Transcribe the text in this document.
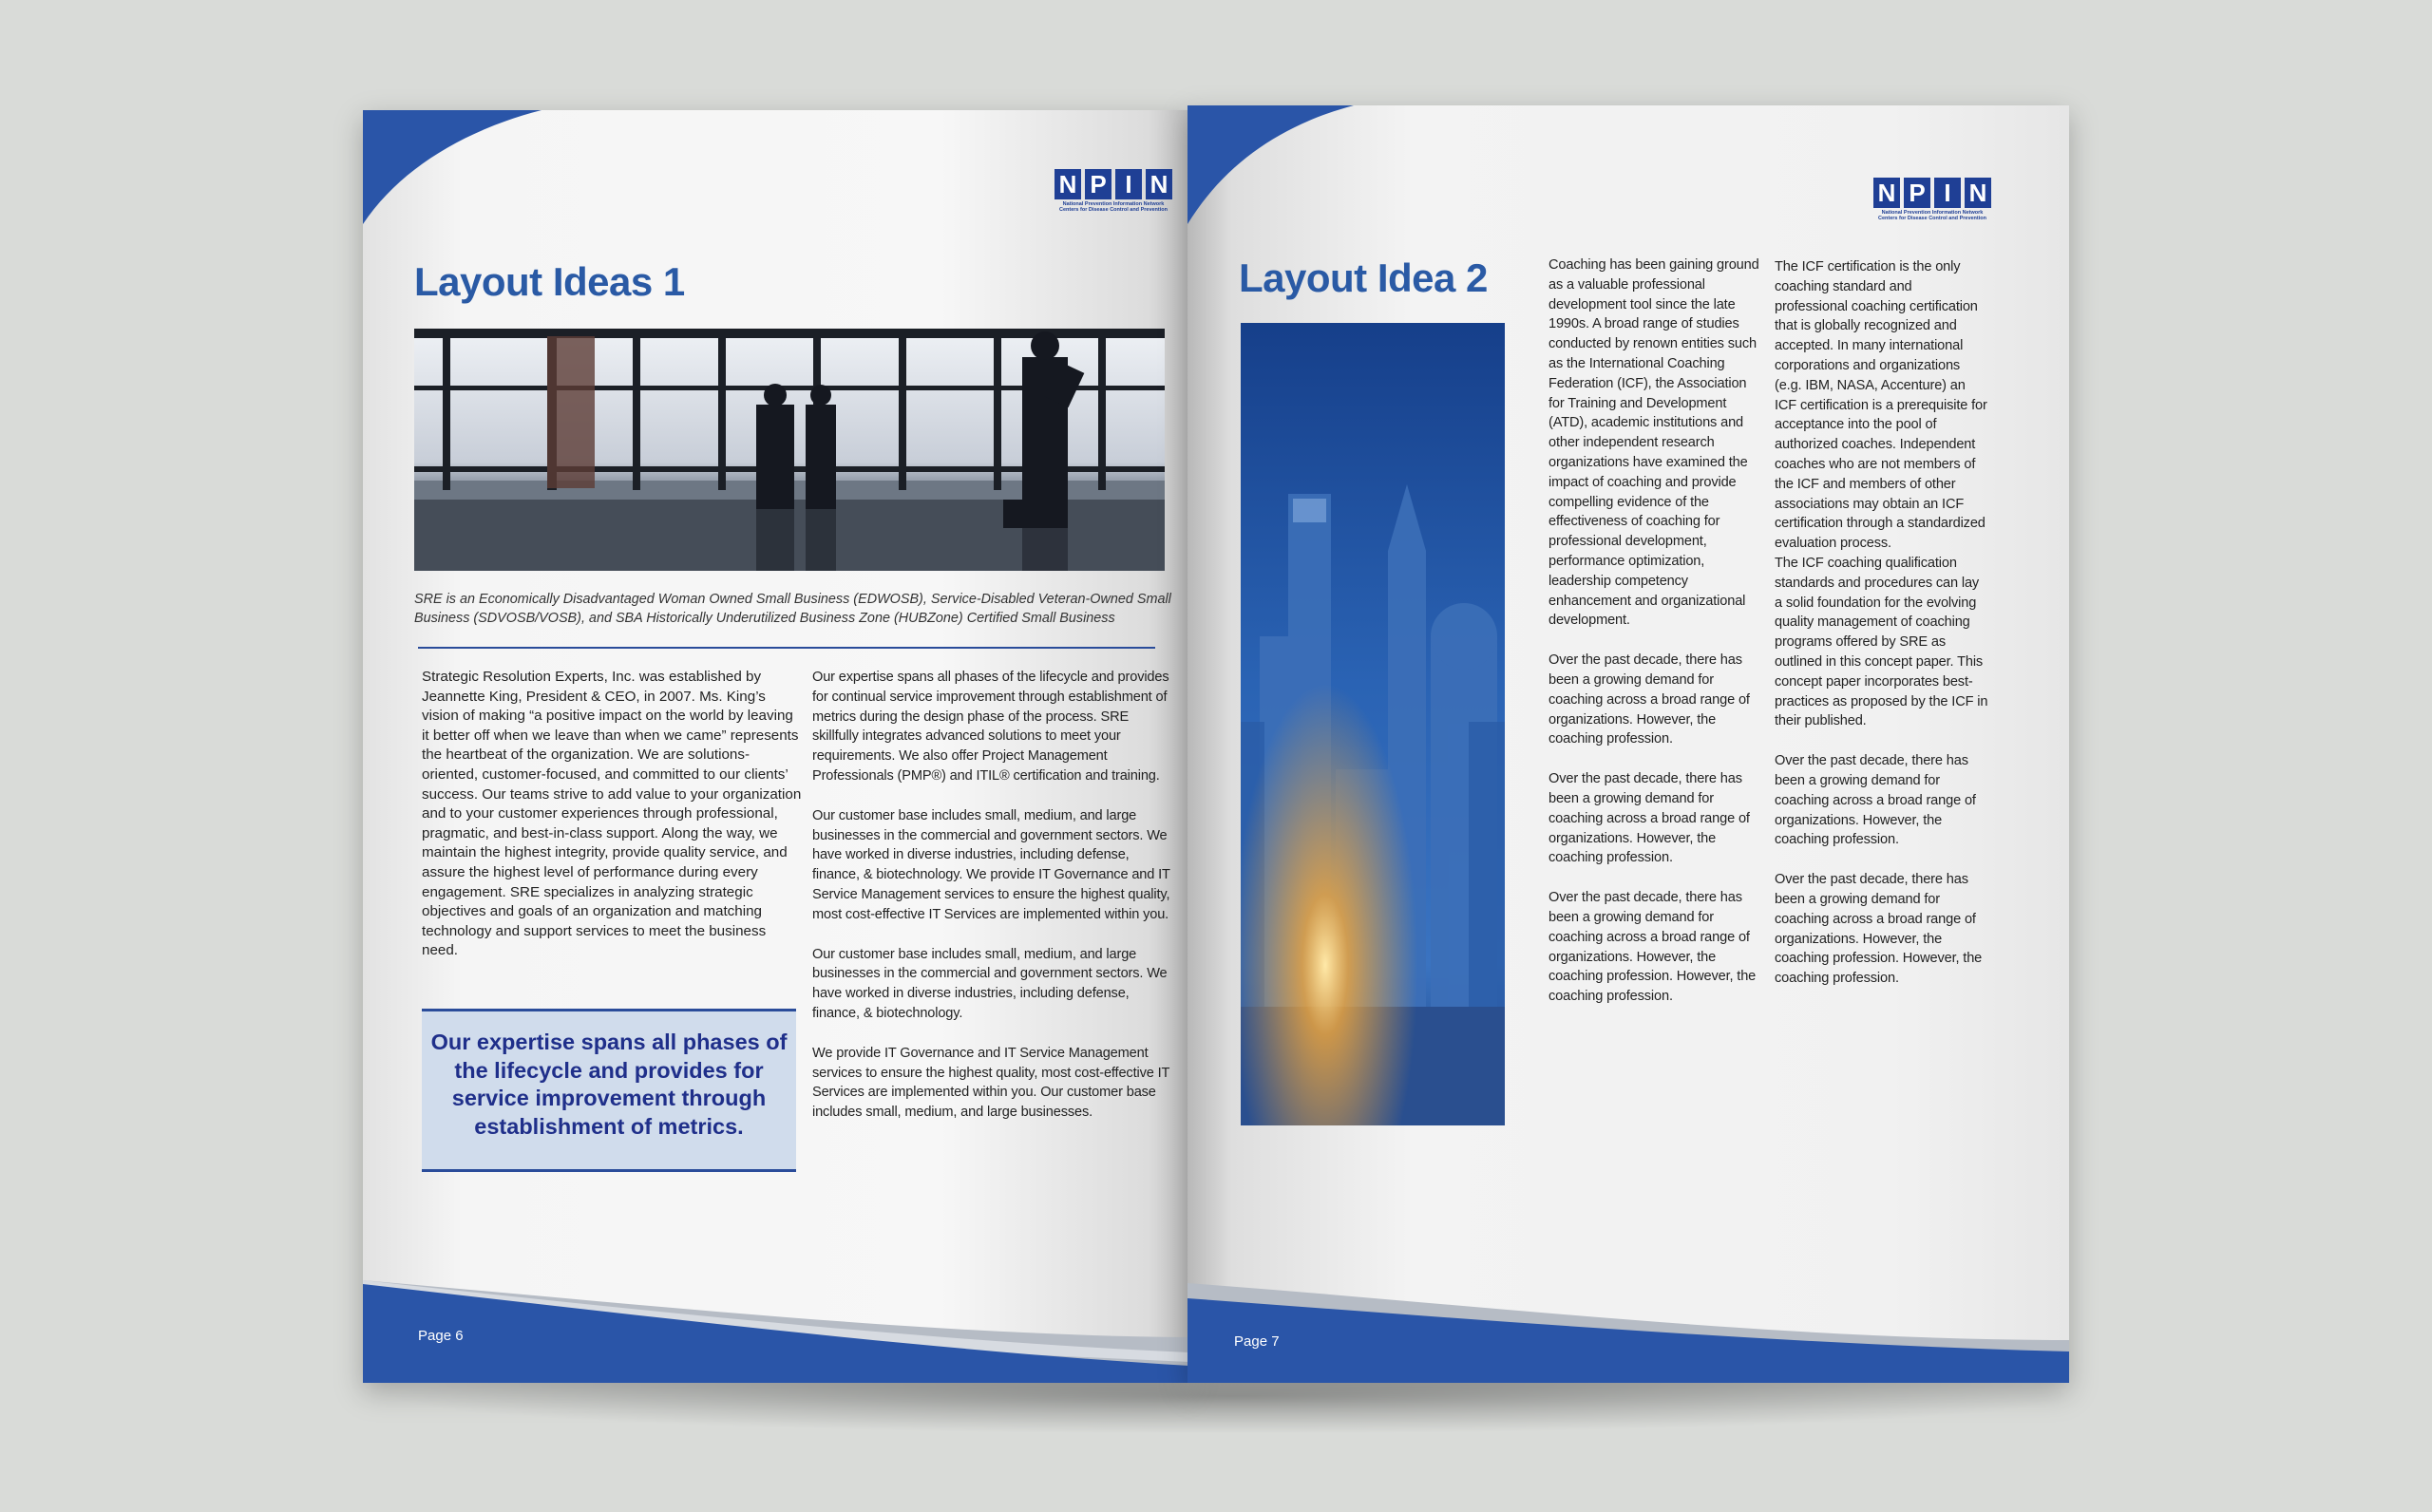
N P I N
National Prevention Information Network
Centers for Disease Control and Prevention
Layout Ideas 1
SRE is an Economically Disadvantaged Woman Owned Small Business (EDWOSB), Service-Disabled Veteran-Owned Small Business (SDVOSB/VOSB), and SBA Historically Underutilized Business Zone (HUBZone) Certified Small Business

Strategic Resolution Experts, Inc. was established by Jeannette King, President & CEO, in 2007. Ms. King’s vision of making “a positive impact on the world by leaving it better off when we leave than when we came” represents the heartbeat of the organization. We are solutions-oriented, customer-focused, and committed to our clients’ success. Our teams strive to add value to your organization and to your customer experiences through professional, pragmatic, and best-in-class support. Along the way, we maintain the highest integrity, provide quality service, and assure the highest level of performance during every engagement. SRE specializes in analyzing strategic objectives and goals of an organization and matching technology and support services to meet the business need.

Our expertise spans all phases of the lifecycle and provides for service improvement through establishment of metrics.

Our expertise spans all phases of the lifecycle and provides for continual service improvement through establishment of metrics during the design phase of the process. SRE skillfully integrates advanced solutions to meet your requirements. We also offer Project Management Professionals (PMP®) and ITIL® certification and training.

Our customer base includes small, medium, and large businesses in the commercial and government sectors. We have worked in diverse industries, including defense, finance, & biotechnology. We provide IT Governance and IT Service Management services to ensure the highest quality, most cost-effective IT Services are implemented within you.

Our customer base includes small, medium, and large businesses in the commercial and government sectors. We have worked in diverse industries, including defense, finance, & biotechnology.

We provide IT Governance and IT Service Management services to ensure the highest quality, most cost-effective IT Services are implemented within you. Our customer base includes small, medium, and large businesses.

Page 6
N P I N
National Prevention Information Network
Centers for Disease Control and Prevention
Layout Idea 2	Coaching has been gaining ground as a valuable professional development tool since the late 1990s. A broad range of studies conducted by renown entities such as the International Coaching Federation (ICF), the Association for Training and Development (ATD), academic institutions and other independent research organizations have examined the impact of coaching and provide compelling evidence of the effectiveness of coaching for professional development, performance optimization, leadership competency enhancement and organizational development.

Over the past decade, there has been a growing demand for coaching across a broad range of organizations. However, the coaching profession.

Over the past decade, there has been a growing demand for coaching across a broad range of organizations. However, the coaching profession.

Over the past decade, there has been a growing demand for coaching across a broad range of organizations. However, the coaching profession. However, the coaching profession.

The ICF certification is the only coaching standard and professional coaching certification that is globally recognized and accepted. In many international corporations and organizations (e.g. IBM, NASA, Accenture) an ICF certification is a prerequisite for acceptance into the pool of authorized coaches. Independent coaches who are not members of the ICF and members of other associations may obtain an ICF certification through a standardized evaluation process.

The ICF coaching qualification standards and procedures can lay a solid foundation for the evolving quality management of coaching programs offered by SRE as outlined in this concept paper. This concept paper incorporates best-practices as proposed by the ICF in their published.

Over the past decade, there has been a growing demand for coaching across a broad range of organizations. However, the coaching profession.

Over the past decade, there has been a growing demand for coaching across a broad range of organizations. However, the coaching profession. However, the coaching profession.

Page 7
